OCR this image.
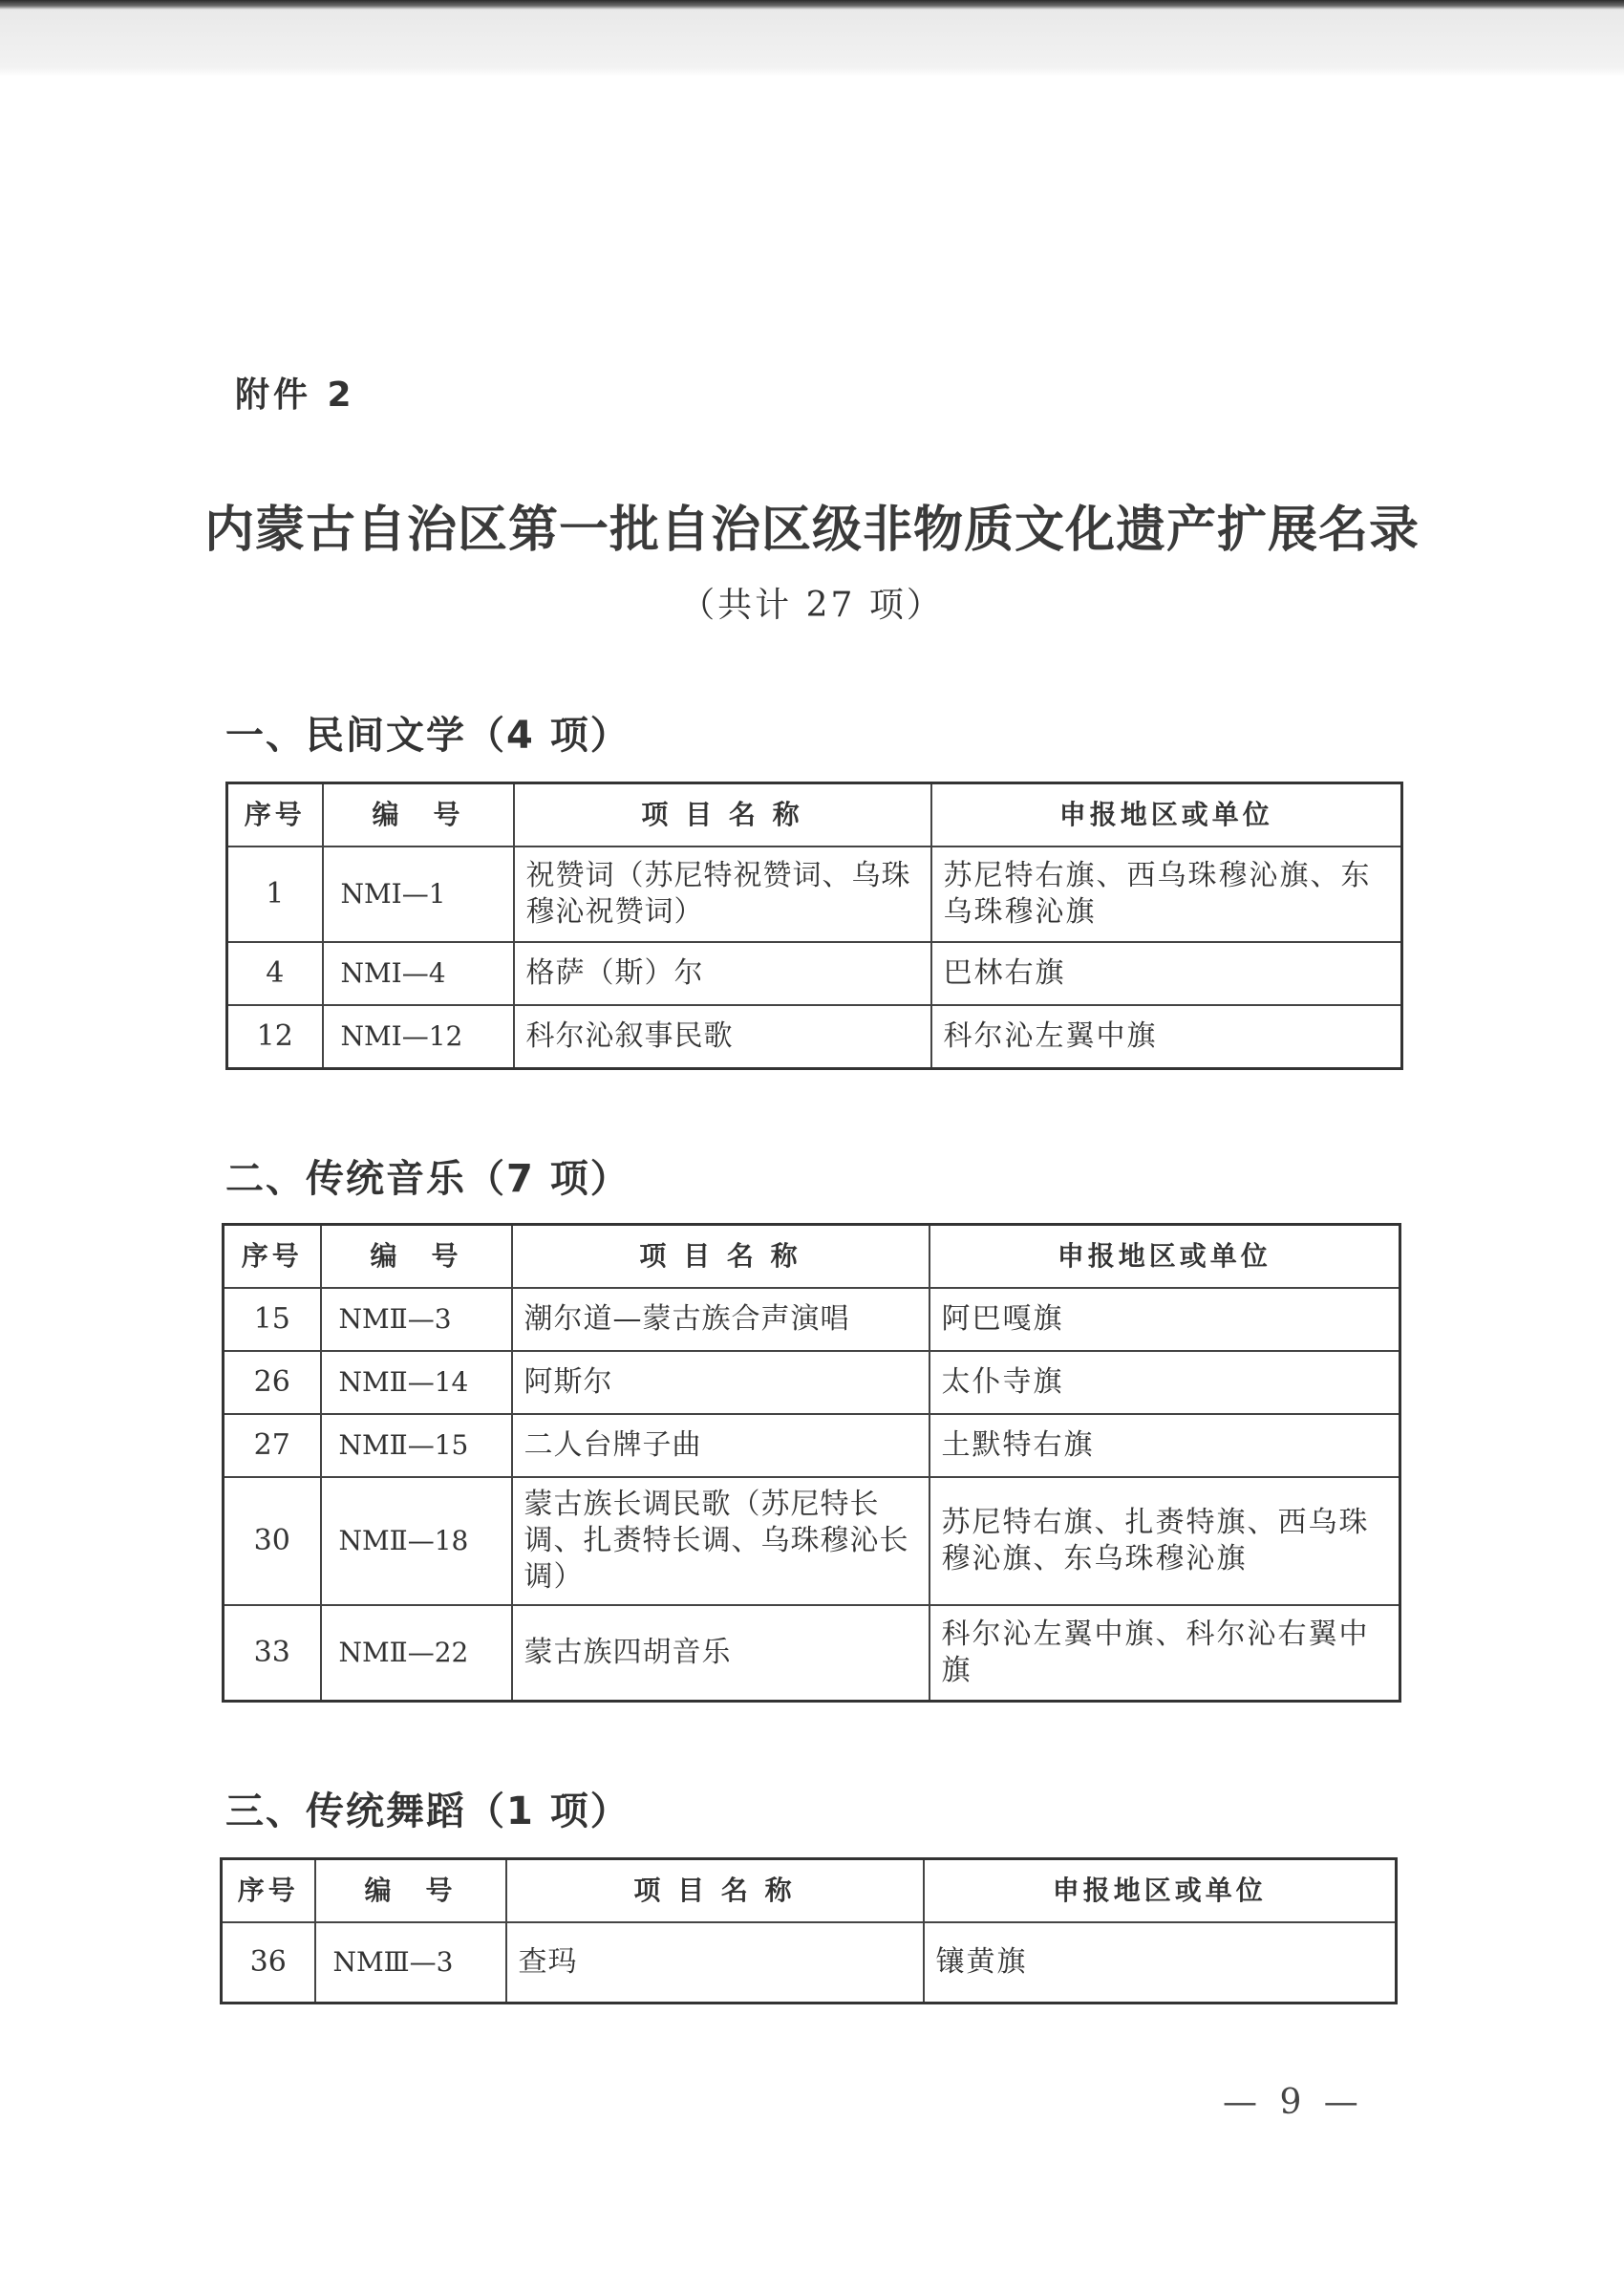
附件 2
内蒙古自治区第一批自治区级非物质文化遗产扩展名录
（共计 27 项）
一、民间文学（4 项）
序号	编　号	项 目 名 称	申报地区或单位
1	NMⅠ—1	祝赞词（苏尼特祝赞词、乌珠穆沁祝赞词）	苏尼特右旗、西乌珠穆沁旗、东乌珠穆沁旗
4	NMⅠ—4	格萨（斯）尔	巴林右旗
12	NMⅠ—12	科尔沁叙事民歌	科尔沁左翼中旗
二、传统音乐（7 项）
序号	编　号	项 目 名 称	申报地区或单位
15	NMⅡ—3	潮尔道—蒙古族合声演唱	阿巴嘎旗
26	NMⅡ—14	阿斯尔	太仆寺旗
27	NMⅡ—15	二人台牌子曲	土默特右旗
30	NMⅡ—18	蒙古族长调民歌（苏尼特长调、扎赉特长调、乌珠穆沁长调）	苏尼特右旗、扎赉特旗、西乌珠穆沁旗、东乌珠穆沁旗
33	NMⅡ—22	蒙古族四胡音乐	科尔沁左翼中旗、科尔沁右翼中旗
三、传统舞蹈（1 项）
序号	编　号	项 目 名 称	申报地区或单位
36	NMⅢ—3	查玛	镶黄旗
— 9 —
